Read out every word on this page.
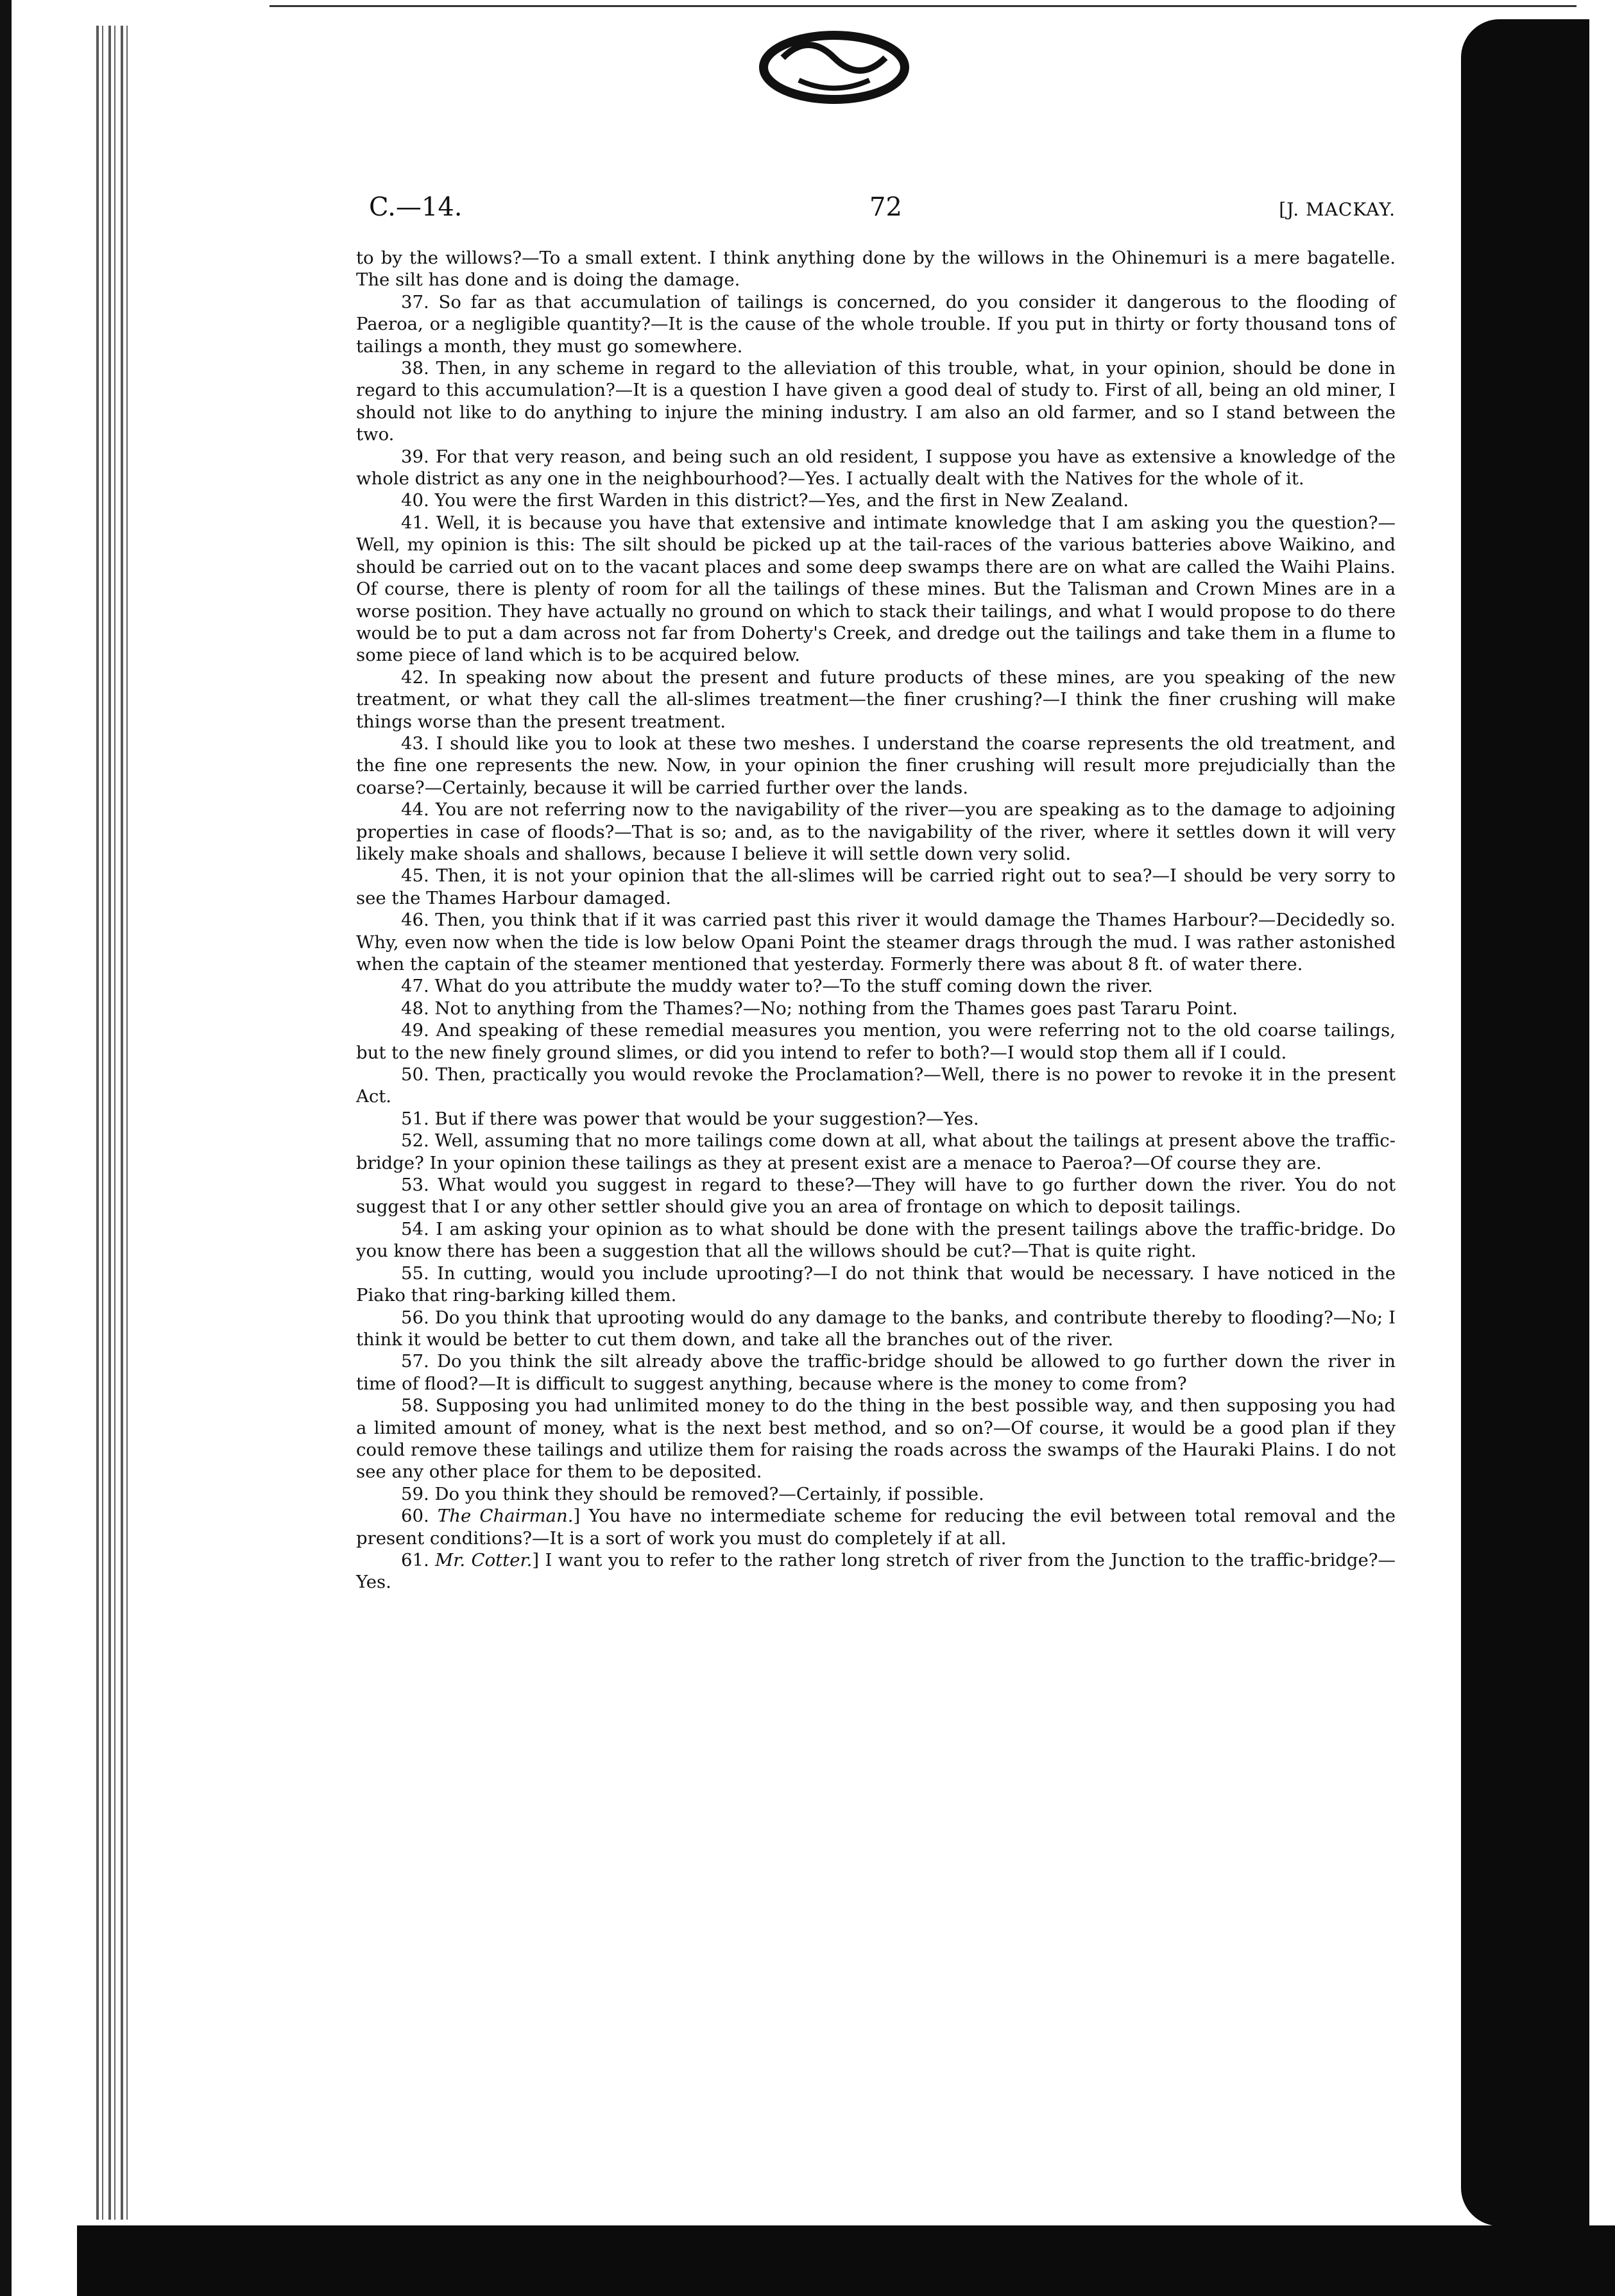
C.—14.	72	[J. MACKAY.

to by the willows?—To a small extent. I think anything done by the willows in the Ohinemuri is a mere bagatelle. The silt has done and is doing the damage.

37. So far as that accumulation of tailings is concerned, do you consider it dangerous to the flooding of Paeroa, or a negligible quantity?—It is the cause of the whole trouble. If you put in thirty or forty thousand tons of tailings a month, they must go somewhere.

38. Then, in any scheme in regard to the alleviation of this trouble, what, in your opinion, should be done in regard to this accumulation?—It is a question I have given a good deal of study to. First of all, being an old miner, I should not like to do anything to injure the mining industry. I am also an old farmer, and so I stand between the two.

39. For that very reason, and being such an old resident, I suppose you have as extensive a knowledge of the whole district as any one in the neighbourhood?—Yes. I actually dealt with the Natives for the whole of it.

40. You were the first Warden in this district?—Yes, and the first in New Zealand.

41. Well, it is because you have that extensive and intimate knowledge that I am asking you the question?—Well, my opinion is this: The silt should be picked up at the tail-races of the various batteries above Waikino, and should be carried out on to the vacant places and some deep swamps there are on what are called the Waihi Plains. Of course, there is plenty of room for all the tailings of these mines. But the Talisman and Crown Mines are in a worse position. They have actually no ground on which to stack their tailings, and what I would propose to do there would be to put a dam across not far from Doherty's Creek, and dredge out the tailings and take them in a flume to some piece of land which is to be acquired below.

42. In speaking now about the present and future products of these mines, are you speaking of the new treatment, or what they call the all-slimes treatment—the finer crushing?—I think the finer crushing will make things worse than the present treatment.

43. I should like you to look at these two meshes. I understand the coarse represents the old treatment, and the fine one represents the new. Now, in your opinion the finer crushing will result more prejudicially than the coarse?—Certainly, because it will be carried further over the lands.

44. You are not referring now to the navigability of the river—you are speaking as to the damage to adjoining properties in case of floods?—That is so; and, as to the navigability of the river, where it settles down it will very likely make shoals and shallows, because I believe it will settle down very solid.

45. Then, it is not your opinion that the all-slimes will be carried right out to sea?—I should be very sorry to see the Thames Harbour damaged.

46. Then, you think that if it was carried past this river it would damage the Thames Harbour?—Decidedly so. Why, even now when the tide is low below Opani Point the steamer drags through the mud. I was rather astonished when the captain of the steamer mentioned that yesterday. Formerly there was about 8 ft. of water there.

47. What do you attribute the muddy water to?—To the stuff coming down the river.

48. Not to anything from the Thames?—No; nothing from the Thames goes past Tararu Point.

49. And speaking of these remedial measures you mention, you were referring not to the old coarse tailings, but to the new finely ground slimes, or did you intend to refer to both?—I would stop them all if I could.

50. Then, practically you would revoke the Proclamation?—Well, there is no power to revoke it in the present Act.

51. But if there was power that would be your suggestion?—Yes.

52. Well, assuming that no more tailings come down at all, what about the tailings at present above the traffic-bridge? In your opinion these tailings as they at present exist are a menace to Paeroa?—Of course they are.

53. What would you suggest in regard to these?—They will have to go further down the river. You do not suggest that I or any other settler should give you an area of frontage on which to deposit tailings.

54. I am asking your opinion as to what should be done with the present tailings above the traffic-bridge. Do you know there has been a suggestion that all the willows should be cut?—That is quite right.

55. In cutting, would you include uprooting?—I do not think that would be necessary. I have noticed in the Piako that ring-barking killed them.

56. Do you think that uprooting would do any damage to the banks, and contribute thereby to flooding?—No; I think it would be better to cut them down, and take all the branches out of the river.

57. Do you think the silt already above the traffic-bridge should be allowed to go further down the river in time of flood?—It is difficult to suggest anything, because where is the money to come from?

58. Supposing you had unlimited money to do the thing in the best possible way, and then supposing you had a limited amount of money, what is the next best method, and so on?—Of course, it would be a good plan if they could remove these tailings and utilize them for raising the roads across the swamps of the Hauraki Plains. I do not see any other place for them to be deposited.

59. Do you think they should be removed?—Certainly, if possible.

60. The Chairman.] You have no intermediate scheme for reducing the evil between total removal and the present conditions?—It is a sort of work you must do completely if at all.

61. Mr. Cotter.] I want you to refer to the rather long stretch of river from the Junction to the traffic-bridge?—Yes.
